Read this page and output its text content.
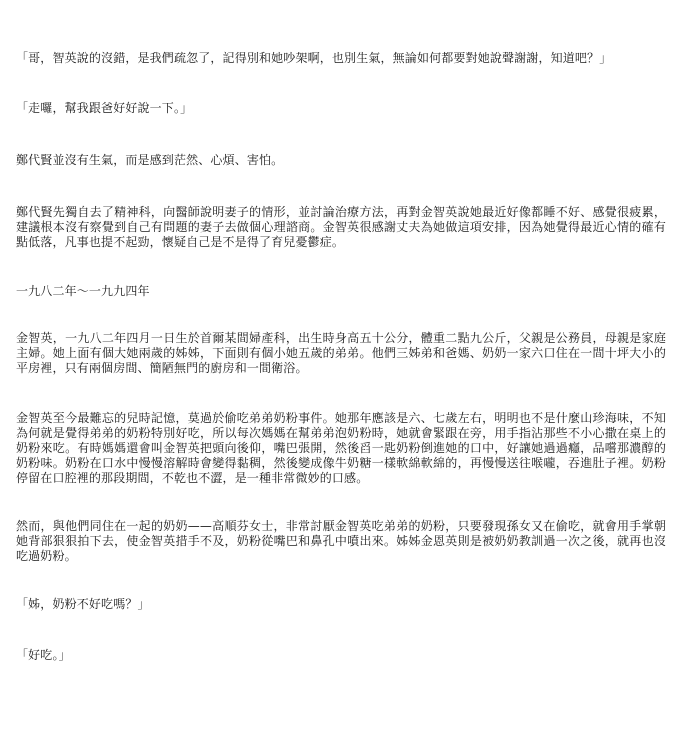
「哥，智英說的沒錯，是我們疏忽了，記得別和她吵架啊，也別生氣，無論如何都要對她說聲謝謝，知道吧？」

「走囉，幫我跟爸好好說一下。」

鄭代賢並沒有生氣，而是感到茫然、心煩、害怕。

鄭代賢先獨自去了精神科，向醫師說明妻子的情形，並討論治療方法，再對金智英說她最近好像都睡不好、感覺很疲累，建議根本沒有察覺到自己有問題的妻子去做個心理諮商。金智英很感謝丈夫為她做這項安排，因為她覺得最近心情的確有點低落，凡事也提不起勁，懷疑自己是不是得了育兒憂鬱症。

一九八二年～一九九四年

金智英，一九八二年四月一日生於首爾某間婦產科，出生時身高五十公分，體重二點九公斤，父親是公務員，母親是家庭主婦。她上面有個大她兩歲的姊姊，下面則有個小她五歲的弟弟。他們三姊弟和爸媽、奶奶一家六口住在一間十坪大小的平房裡，只有兩個房間、簡陋無門的廚房和一間衛浴。

金智英至今最難忘的兒時記憶，莫過於偷吃弟弟奶粉事件。她那年應該是六、七歲左右，明明也不是什麼山珍海味，不知為何就是覺得弟弟的奶粉特別好吃，所以每次媽媽在幫弟弟泡奶粉時，她就會緊跟在旁，用手指沾那些不小心撒在桌上的奶粉來吃。有時媽媽還會叫金智英把頭向後仰，嘴巴張開，然後舀一匙奶粉倒進她的口中，好讓她過過癮，品嚐那濃醇的奶粉味。奶粉在口水中慢慢溶解時會變得黏稠，然後變成像牛奶糖一樣軟綿軟綿的，再慢慢送往喉嚨，吞進肚子裡。奶粉停留在口腔裡的那段期間，不乾也不澀，是一種非常微妙的口感。

然而，與他們同住在一起的奶奶——高順芬女士，非常討厭金智英吃弟弟的奶粉，只要發現孫女又在偷吃，就會用手掌朝她背部狠狠拍下去，使金智英措手不及，奶粉從嘴巴和鼻孔中噴出來。姊姊金恩英則是被奶奶教訓過一次之後，就再也沒吃過奶粉。

「姊，奶粉不好吃嗎？」

「好吃。」
